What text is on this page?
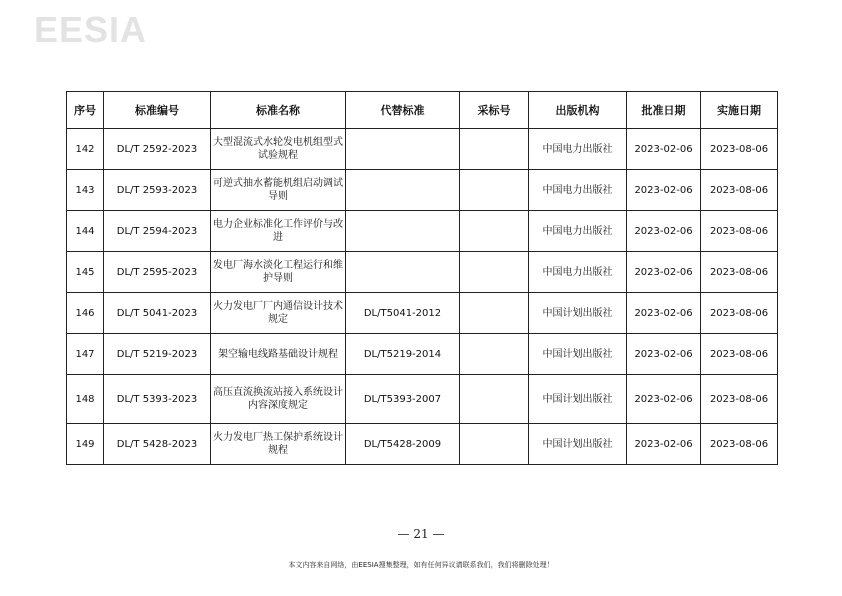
EESIA
序号	标准编号	标准名称	代替标准	采标号	出版机构	批准日期	实施日期
142	DL/T 2592-2023	大型混流式水轮发电机组型式试验规程			中国电力出版社	2023-02-06	2023-08-06
143	DL/T 2593-2023	可逆式抽水蓄能机组启动调试导则			中国电力出版社	2023-02-06	2023-08-06
144	DL/T 2594-2023	电力企业标准化工作评价与改进			中国电力出版社	2023-02-06	2023-08-06
145	DL/T 2595-2023	发电厂海水淡化工程运行和维护导则			中国电力出版社	2023-02-06	2023-08-06
146	DL/T 5041-2023	火力发电厂厂内通信设计技术规定	DL/T5041-2012		中国计划出版社	2023-02-06	2023-08-06
147	DL/T 5219-2023	架空输电线路基础设计规程	DL/T5219-2014		中国计划出版社	2023-02-06	2023-08-06
148	DL/T 5393-2023	高压直流换流站接入系统设计内容深度规定	DL/T5393-2007		中国计划出版社	2023-02-06	2023-08-06
149	DL/T 5428-2023	火力发电厂热工保护系统设计规程	DL/T5428-2009		中国计划出版社	2023-02-06	2023-08-06
— 21 —
本文内容来自网络，由EESIA搜集整理，如有任何异议请联系我们，我们将删除处理！
